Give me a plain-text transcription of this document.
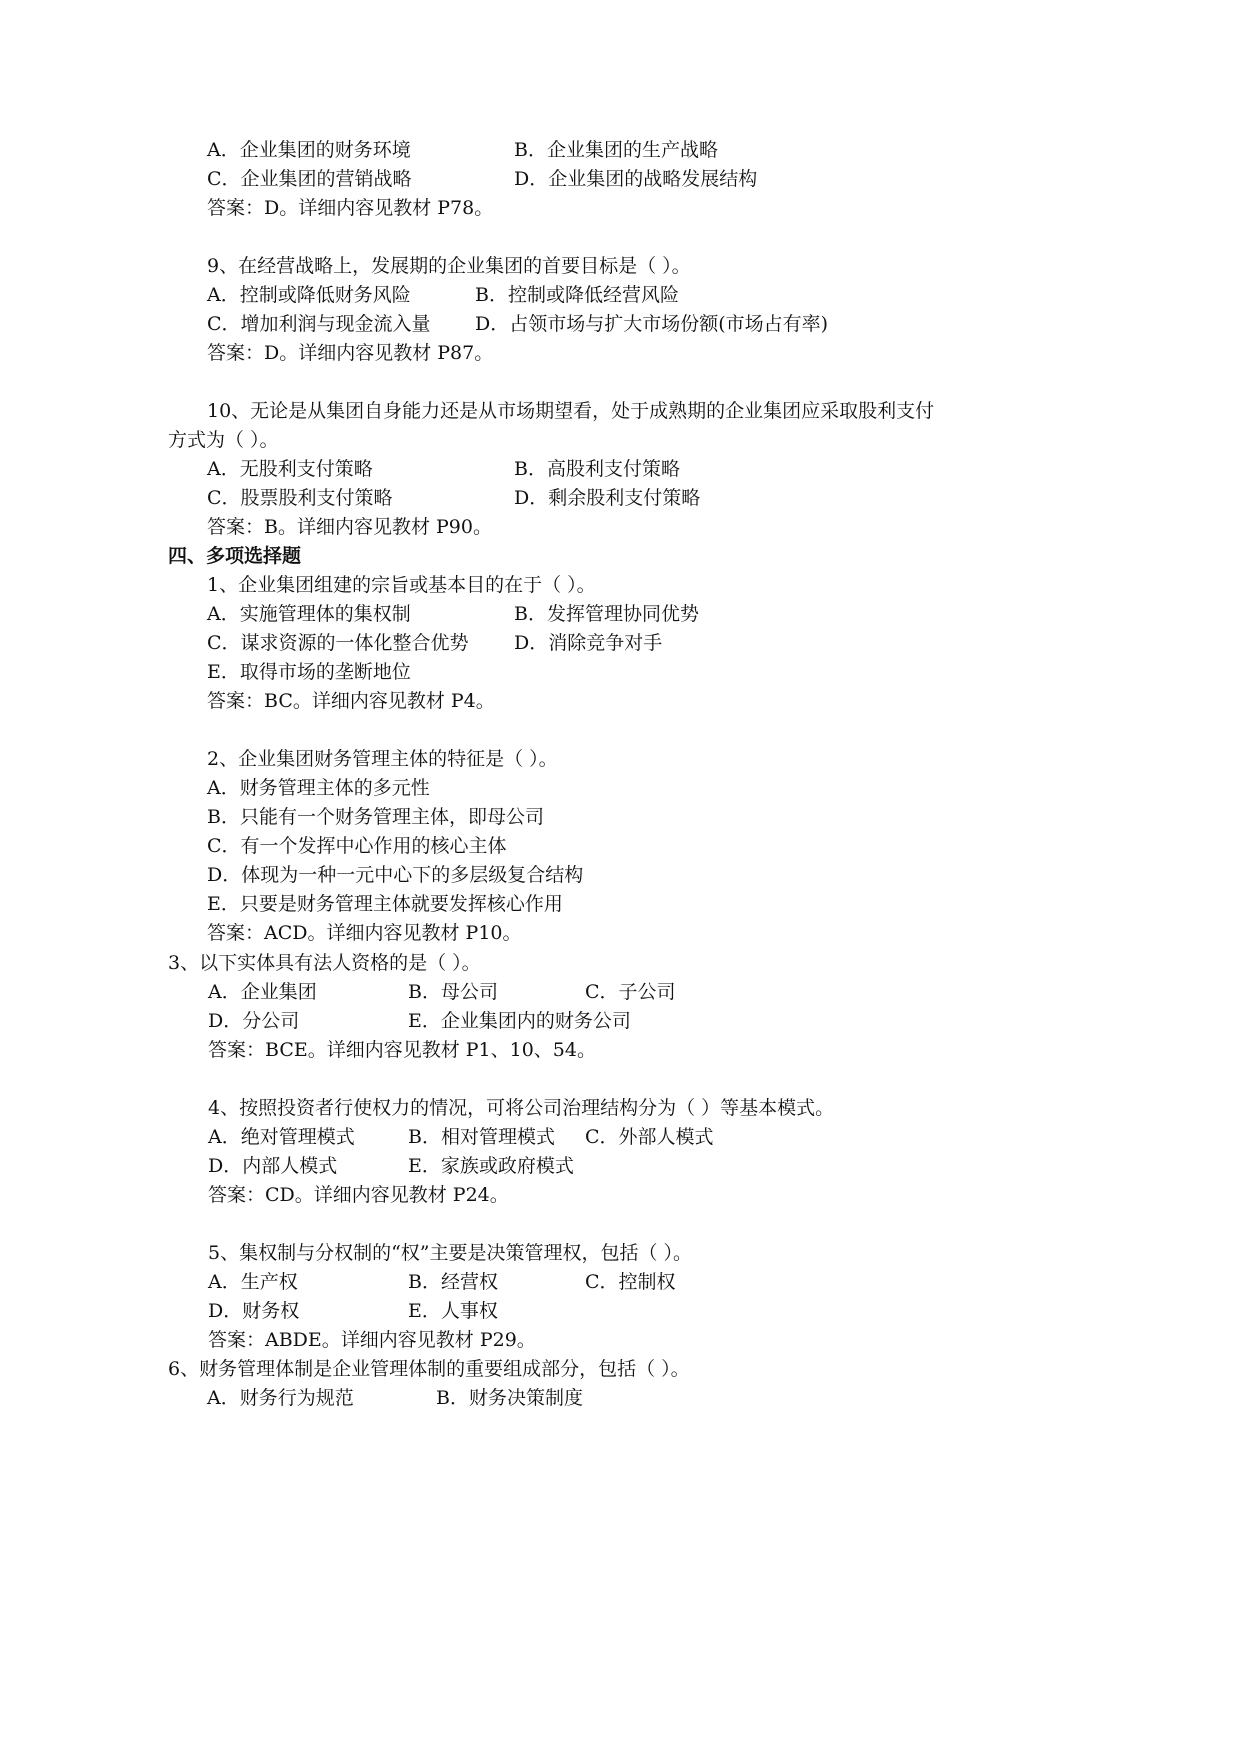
A．企业集团的财务环境	B．企业集团的生产战略
C．企业集团的营销战略	D．企业集团的战略发展结构
答案：D。详细内容见教材 P78。
9、在经营战略上，发展期的企业集团的首要目标是（ ）。
A．控制或降低财务风险	B．控制或降低经营风险
C．增加利润与现金流入量 D．占领市场与扩大市场份额(市场占有率)
答案：D。详细内容见教材 P87。
10、无论是从集团自身能力还是从市场期望看，处于成熟期的企业集团应采取股利支付
方式为（ ）。
A．无股利支付策略	B．高股利支付策略
C．股票股利支付策略	D．剩余股利支付策略
答案：B。详细内容见教材 P90。
四、多项选择题
1、企业集团组建的宗旨或基本目的在于（ ）。
A．实施管理体的集权制	B．发挥管理协同优势
C．谋求资源的一体化整合优势 D．消除竞争对手
E．取得市场的垄断地位
答案：BC。详细内容见教材 P4。
2、企业集团财务管理主体的特征是（ ）。
A．财务管理主体的多元性
B．只能有一个财务管理主体，即母公司
C．有一个发挥中心作用的核心主体
D．体现为一种一元中心下的多层级复合结构
E．只要是财务管理主体就要发挥核心作用
答案：ACD。详细内容见教材 P10。
3、以下实体具有法人资格的是（ ）。
A．企业集团	B．母公司	C．子公司
D．分公司	E．企业集团内的财务公司
答案：BCE。详细内容见教材 P1、10、54。
4、按照投资者行使权力的情况，可将公司治理结构分为（ ）等基本模式。
A．绝对管理模式	B．相对管理模式 C．外部人模式
D．内部人模式	E．家族或政府模式
答案：CD。详细内容见教材 P24。
5、集权制与分权制的“权”主要是决策管理权，包括（ ）。
A．生产权	B．经营权	C．控制权
D．财务权	E．人事权
答案：ABDE。详细内容见教材 P29。
6、财务管理体制是企业管理体制的重要组成部分，包括（ ）。
A．财务行为规范	B．财务决策制度
